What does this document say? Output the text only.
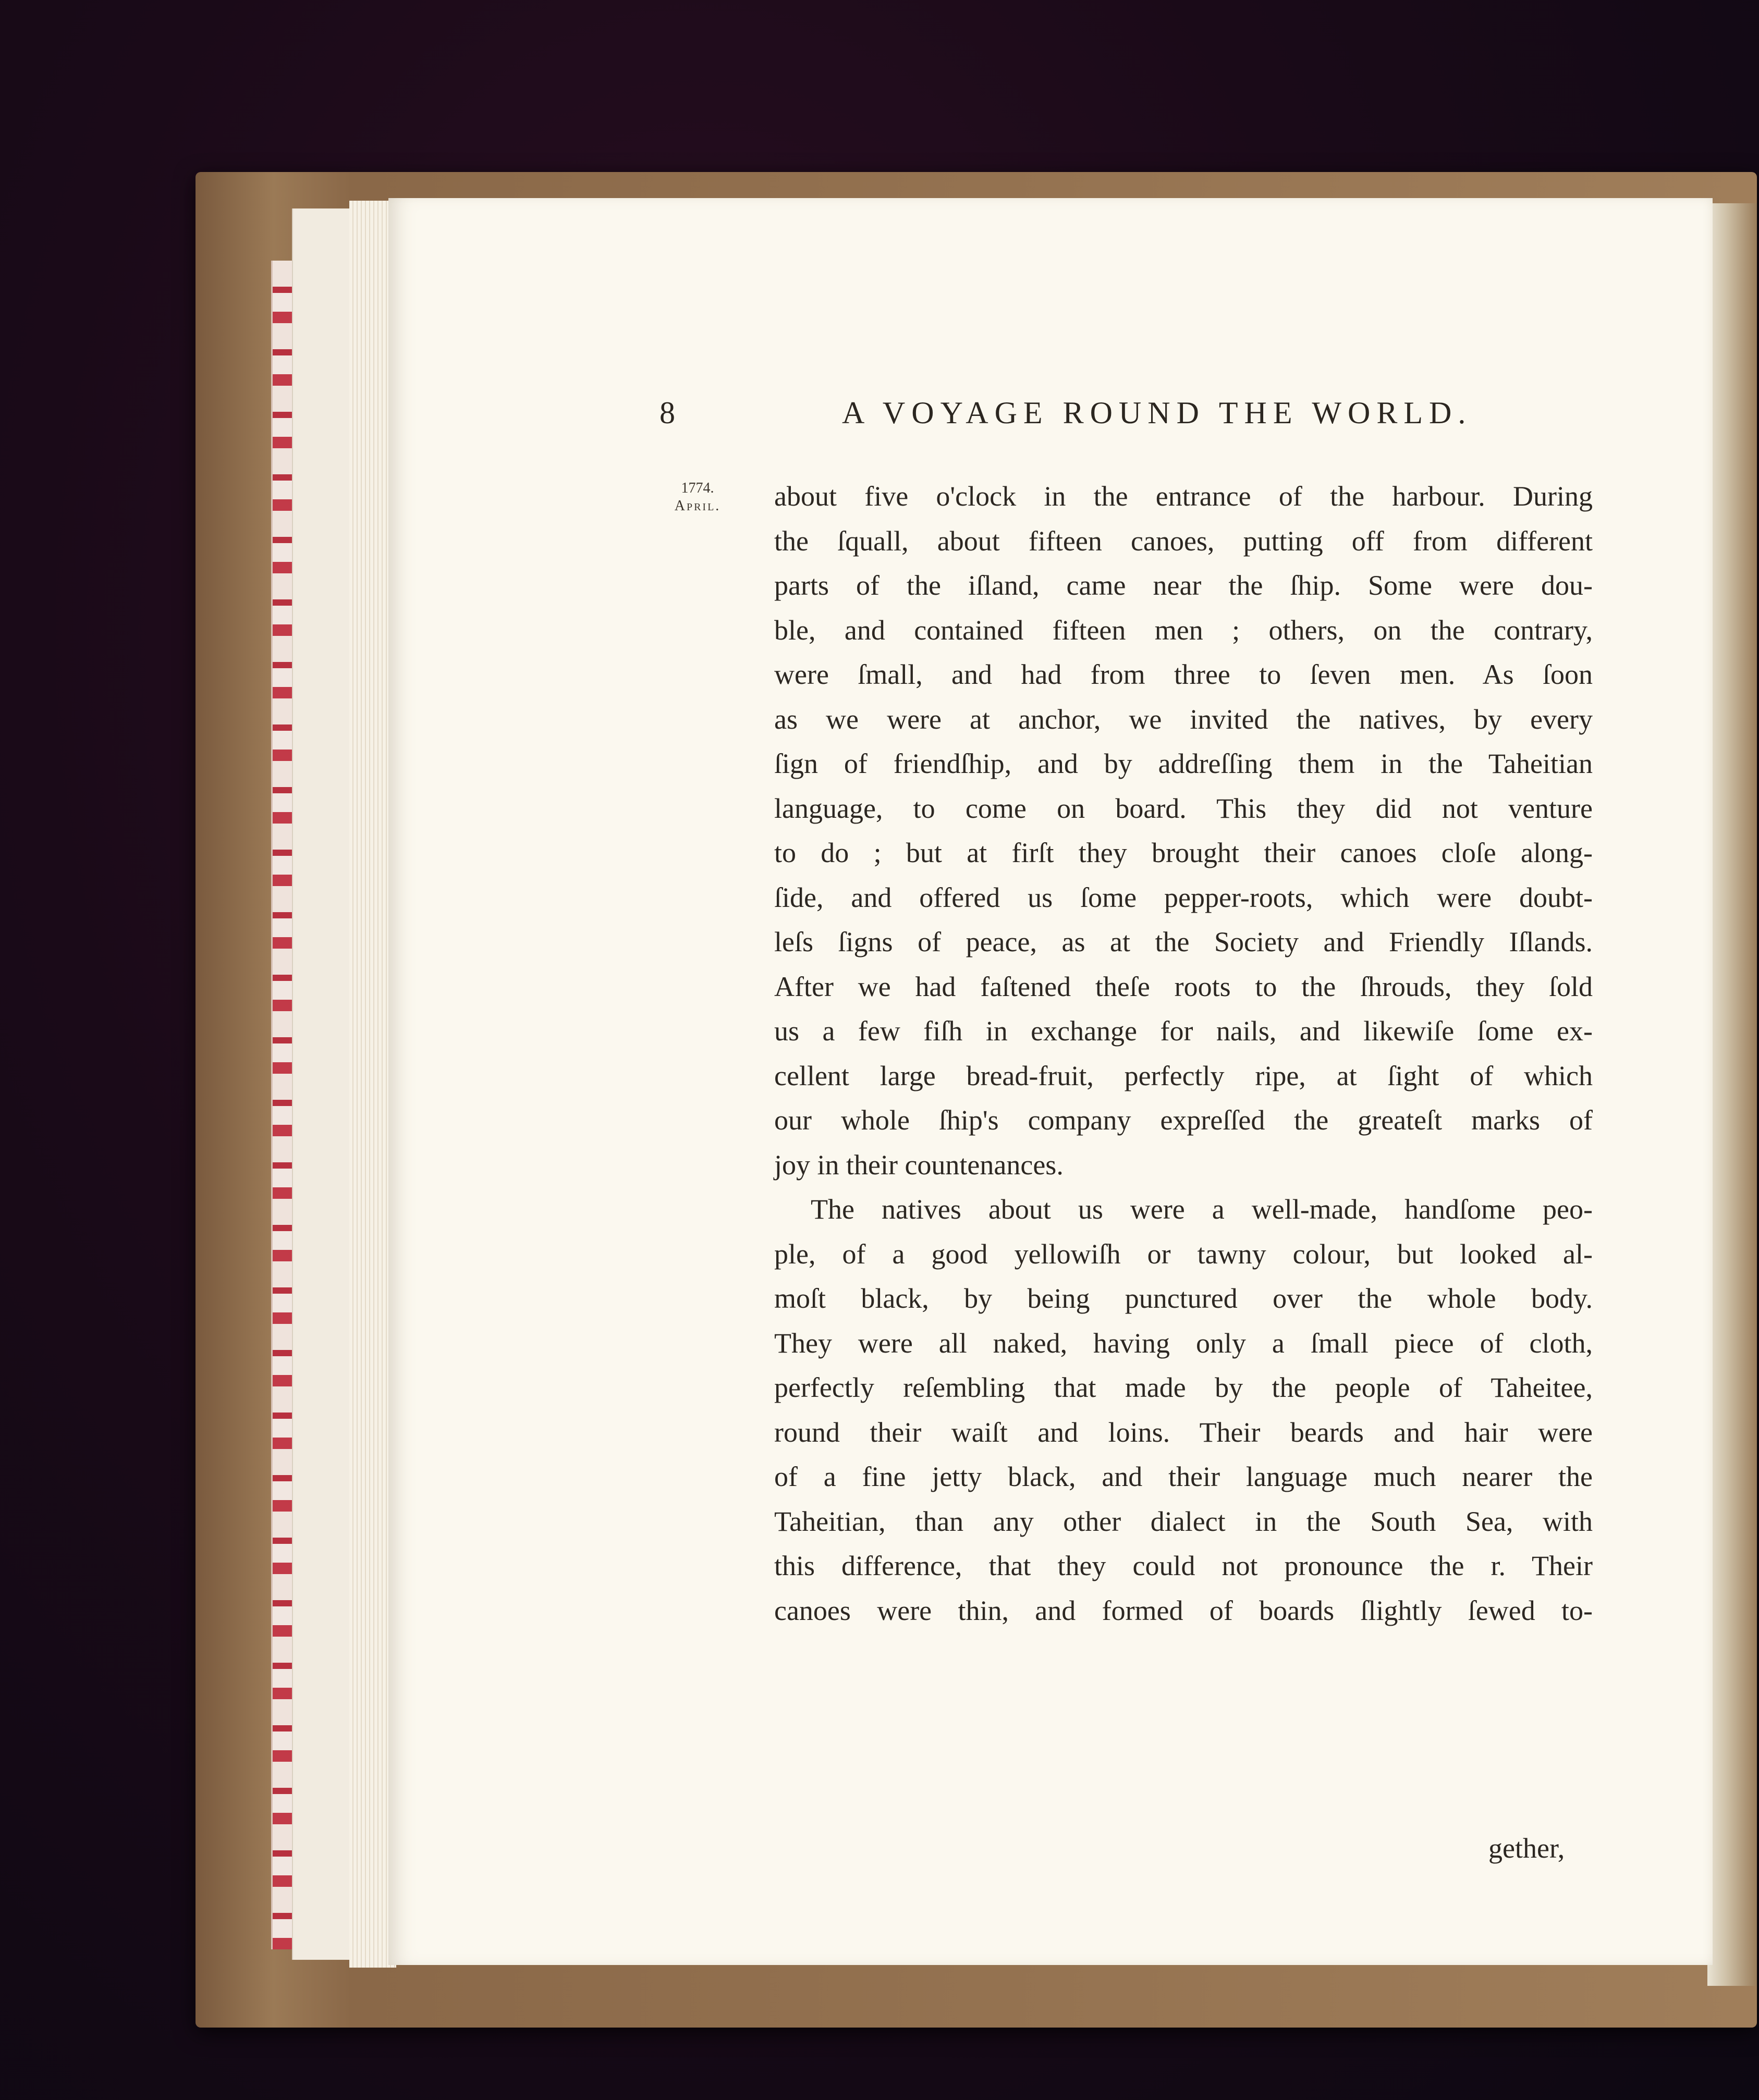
8	A VOYAGE ROUND THE WORLD.
1774.
April.	about five o'clock in the entrance of the harbour. During
the ſquall, about fifteen canoes, putting off from different
parts of the iſland, came near the ſhip. Some were dou-
ble, and contained fifteen men ; others, on the contrary,
were ſmall, and had from three to ſeven men. As ſoon
as we were at anchor, we invited the natives, by every
ſign of friendſhip, and by addreſſing them in the Taheitian
language, to come on board. This they did not venture
to do ; but at firſt they brought their canoes cloſe along-
ſide, and offered us ſome pepper-roots, which were doubt-
leſs ſigns of peace, as at the Society and Friendly Iſlands.
After we had faſtened theſe roots to the ſhrouds, they ſold
us a few fiſh in exchange for nails, and likewiſe ſome ex-
cellent large bread-fruit, perfectly ripe, at ſight of which
our whole ſhip's company expreſſed the greateſt marks of
joy in their countenances.

The natives about us were a well-made, handſome peo-
ple, of a good yellowiſh or tawny colour, but looked al-
moſt black, by being punctured over the whole body.
They were all naked, having only a ſmall piece of cloth,
perfectly reſembling that made by the people of Taheitee,
round their waiſt and loins. Their beards and hair were
of a fine jetty black, and their language much nearer the
Taheitian, than any other dialect in the South Sea, with
this difference, that they could not pronounce the r. Their
canoes were thin, and formed of boards ſlightly ſewed to-

gether,
